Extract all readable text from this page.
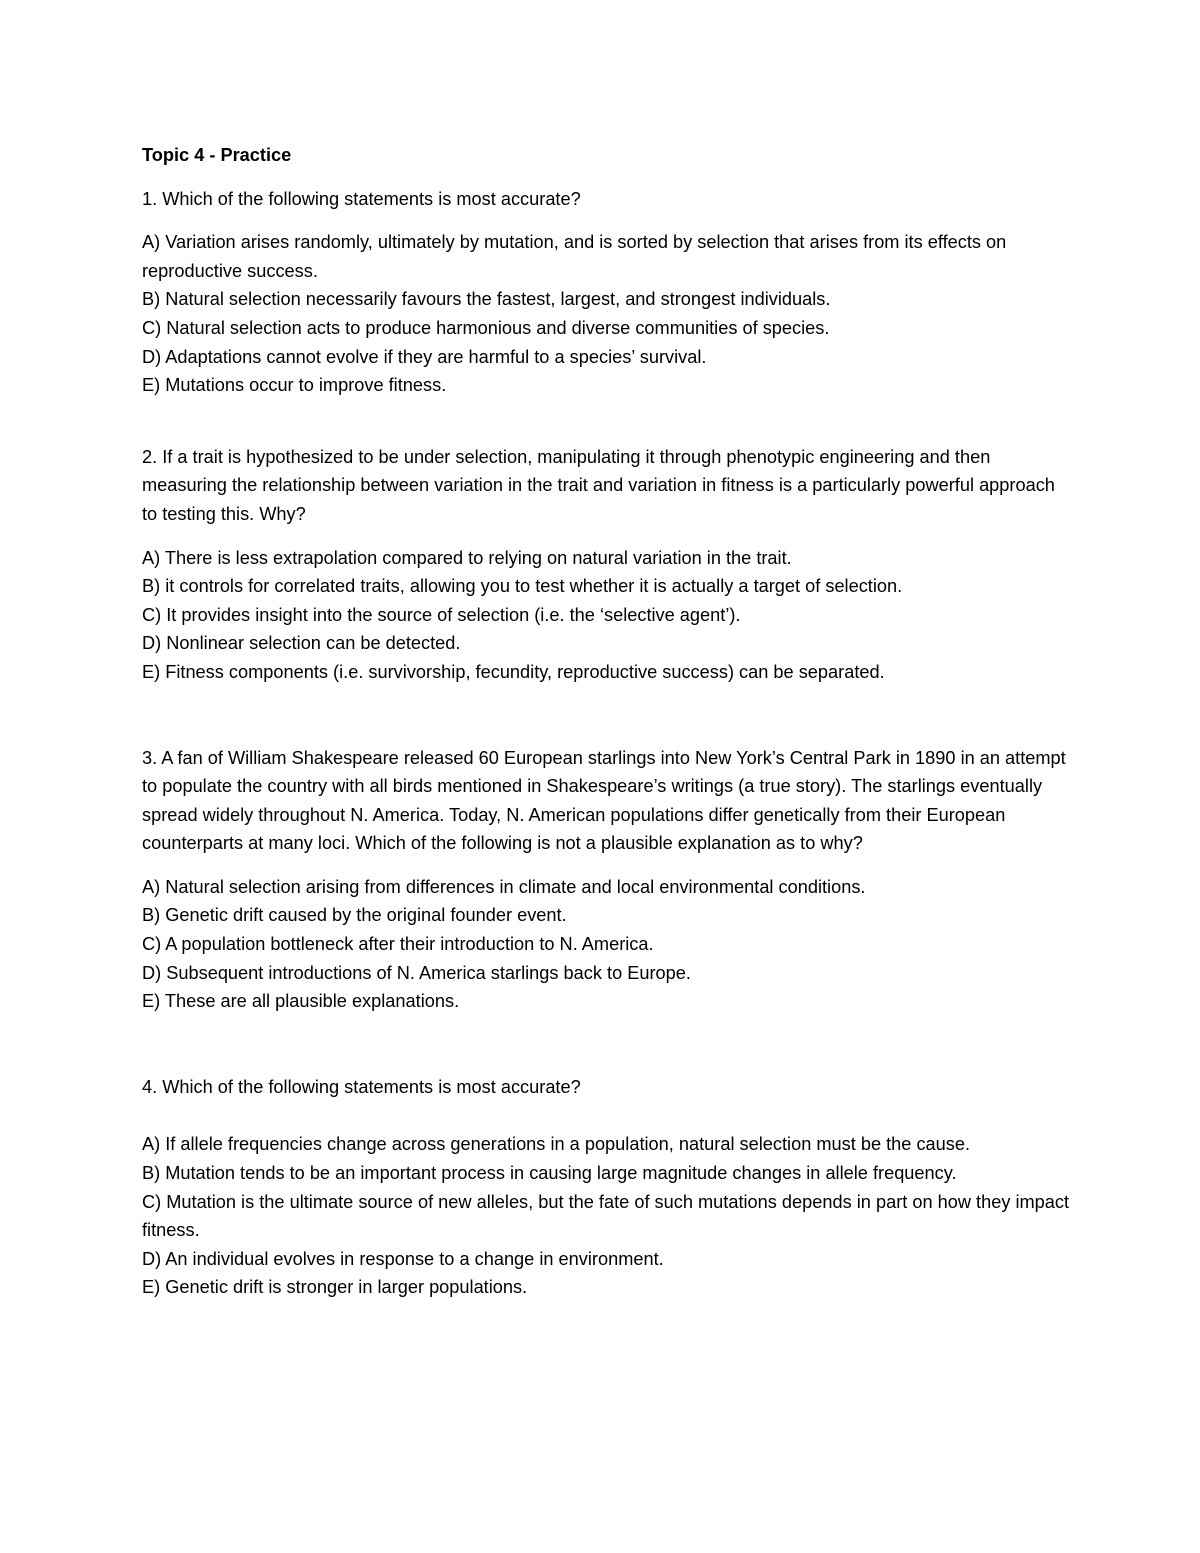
Topic 4 - Practice
1. Which of the following statements is most accurate?
A) Variation arises randomly, ultimately by mutation, and is sorted by selection that arises from its effects on reproductive success.
B) Natural selection necessarily favours the fastest, largest, and strongest individuals.
C) Natural selection acts to produce harmonious and diverse communities of species.
D) Adaptations cannot evolve if they are harmful to a species’ survival.
E) Mutations occur to improve fitness.
2. If a trait is hypothesized to be under selection, manipulating it through phenotypic engineering and then measuring the relationship between variation in the trait and variation in fitness is a particularly powerful approach to testing this. Why?
A) There is less extrapolation compared to relying on natural variation in the trait.
B) it controls for correlated traits, allowing you to test whether it is actually a target of selection.
C) It provides insight into the source of selection (i.e. the ‘selective agent’).
D) Nonlinear selection can be detected.
E) Fitness components (i.e. survivorship, fecundity, reproductive success) can be separated.
3. A fan of William Shakespeare released 60 European starlings into New York’s Central Park in 1890 in an attempt to populate the country with all birds mentioned in Shakespeare’s writings (a true story). The starlings eventually spread widely throughout N. America. Today, N. American populations differ genetically from their European counterparts at many loci. Which of the following is not a plausible explanation as to why?
A) Natural selection arising from differences in climate and local environmental conditions.
B) Genetic drift caused by the original founder event.
C) A population bottleneck after their introduction to N. America.
D) Subsequent introductions of N. America starlings back to Europe.
E) These are all plausible explanations.
4. Which of the following statements is most accurate?
A) If allele frequencies change across generations in a population, natural selection must be the cause.
B) Mutation tends to be an important process in causing large magnitude changes in allele frequency.
C) Mutation is the ultimate source of new alleles, but the fate of such mutations depends in part on how they impact fitness.
D) An individual evolves in response to a change in environment.
E) Genetic drift is stronger in larger populations.
